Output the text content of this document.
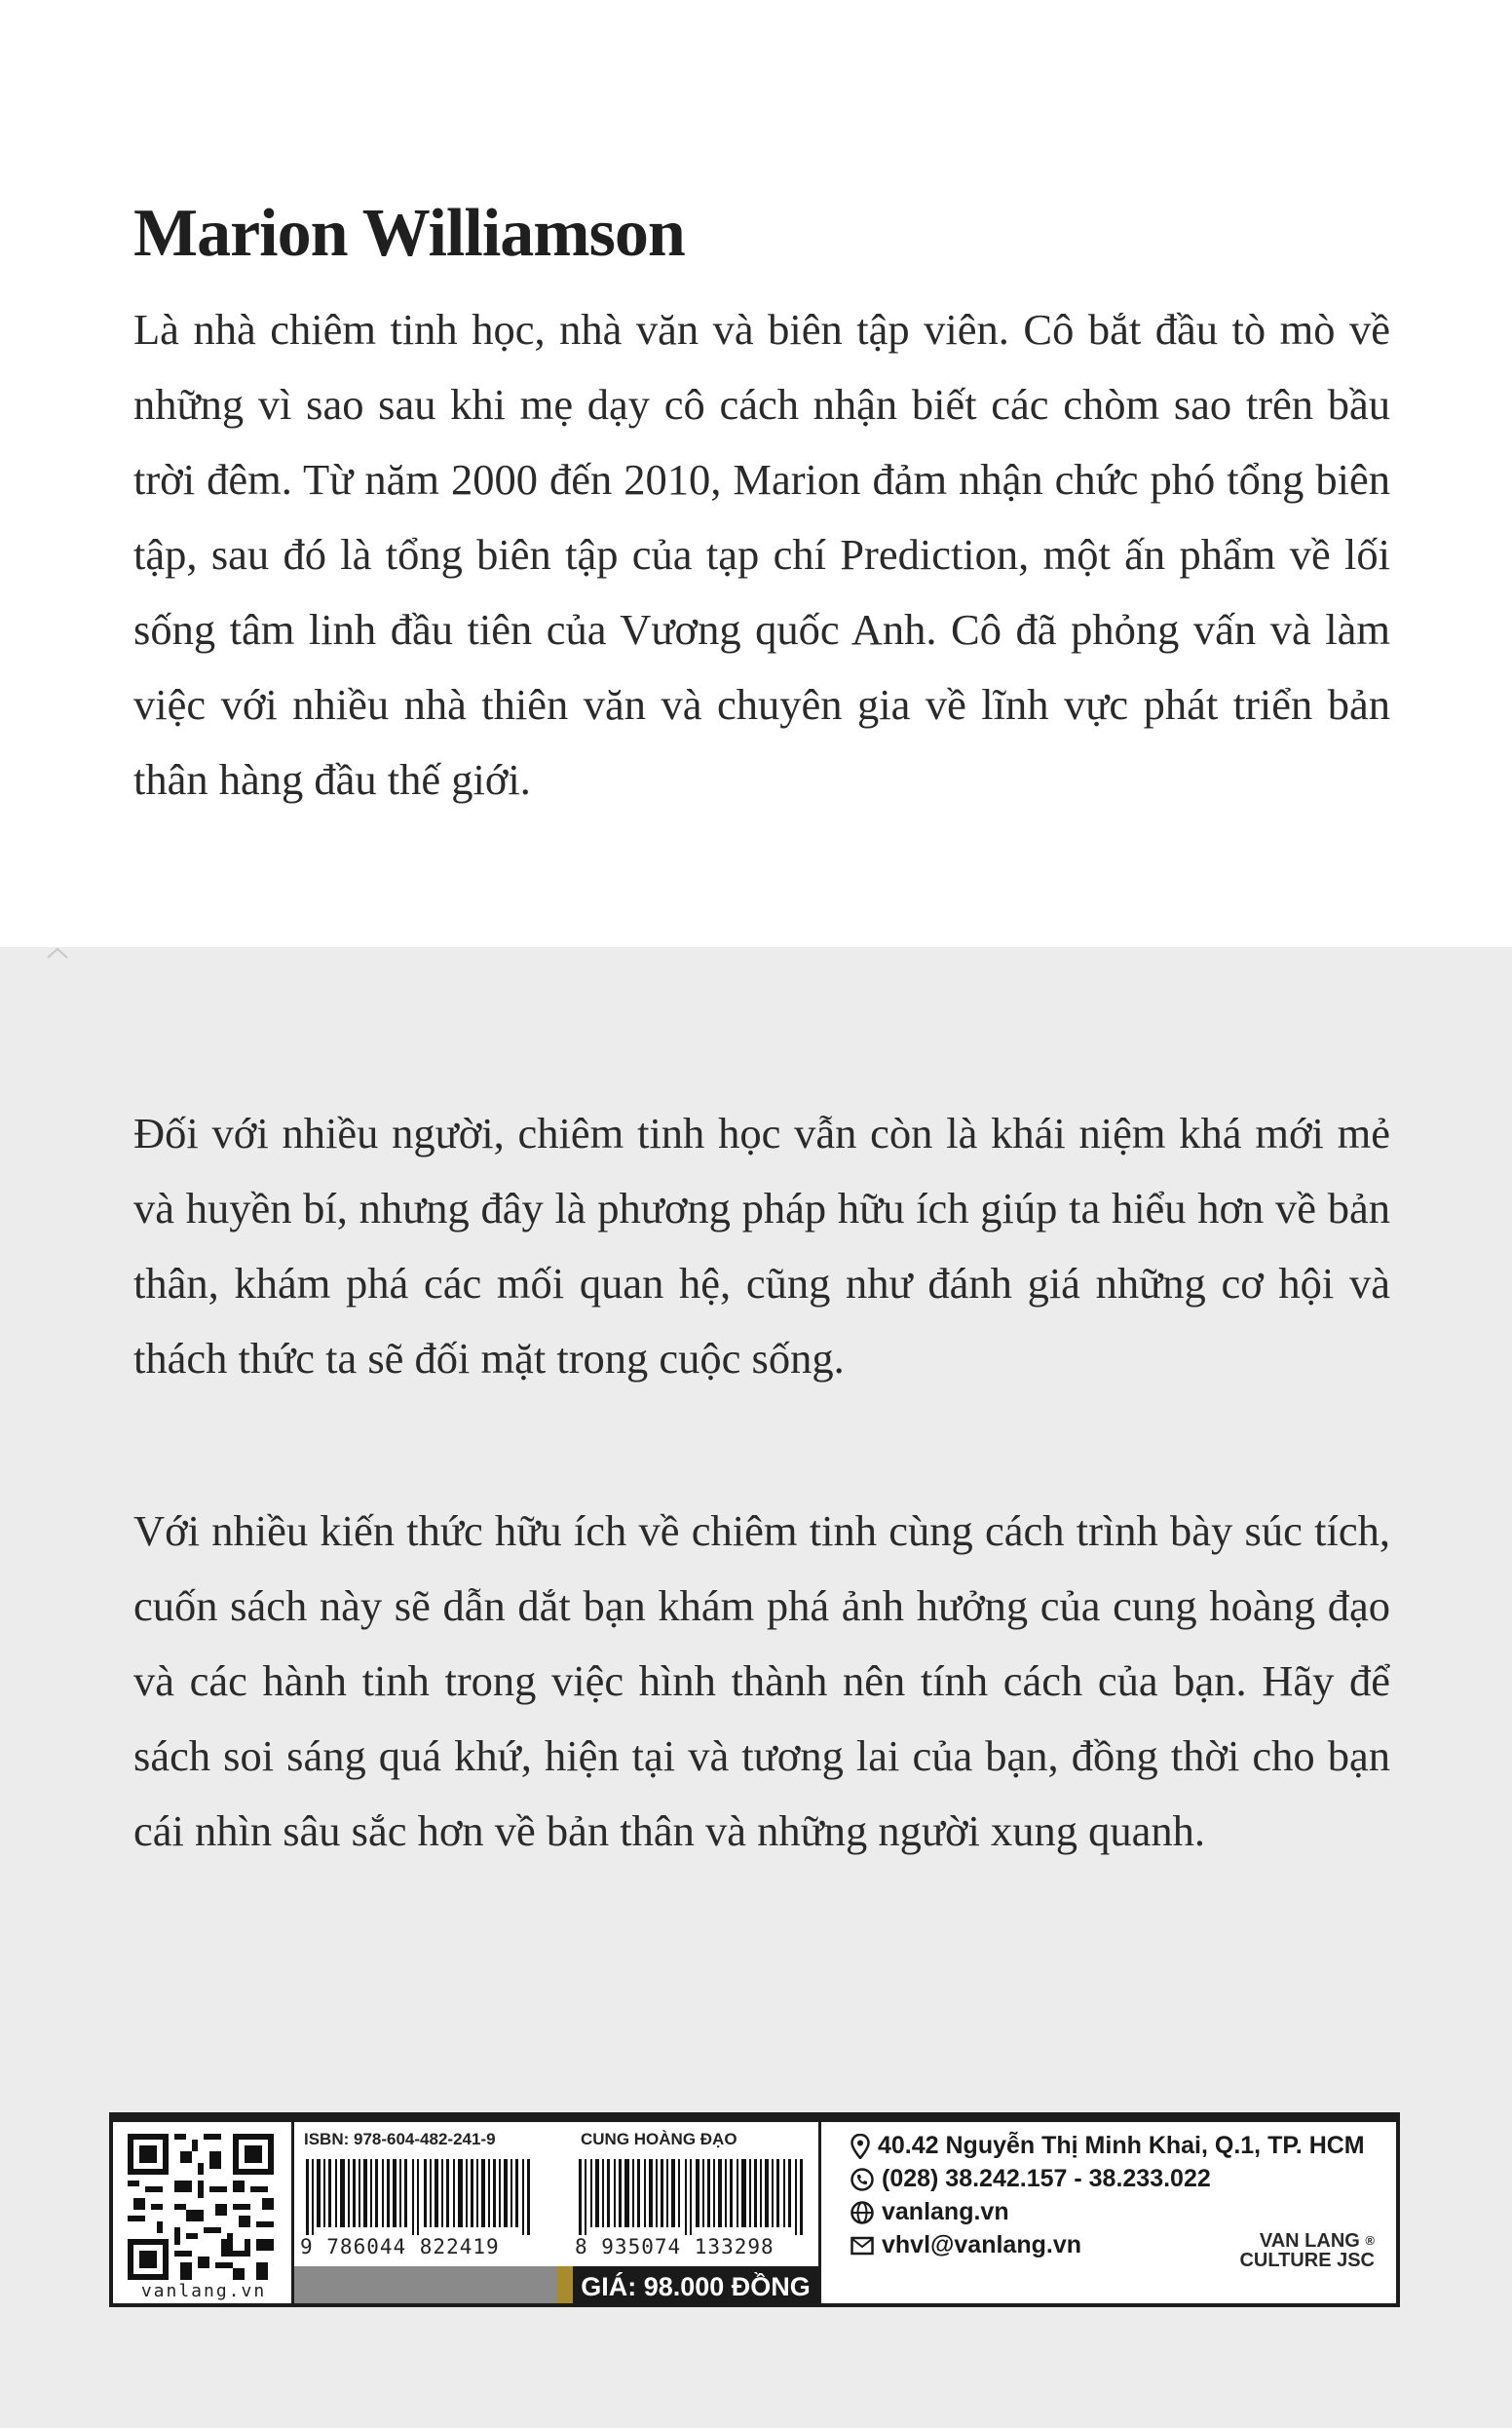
Marion Williamson

Là nhà chiêm tinh học, nhà văn và biên tập viên. Cô bắt đầu tò mò về những vì sao sau khi mẹ dạy cô cách nhận biết các chòm sao trên bầu trời đêm. Từ năm 2000 đến 2010, Marion đảm nhận chức phó tổng biên tập, sau đó là tổng biên tập của tạp chí Prediction, một ấn phẩm về lối sống tâm linh đầu tiên của Vương quốc Anh. Cô đã phỏng vấn và làm việc với nhiều nhà thiên văn và chuyên gia về lĩnh vực phát triển bản thân hàng đầu thế giới.

Đối với nhiều người, chiêm tinh học vẫn còn là khái niệm khá mới mẻ và huyền bí, nhưng đây là phương pháp hữu ích giúp ta hiểu hơn về bản thân, khám phá các mối quan hệ, cũng như đánh giá những cơ hội và thách thức ta sẽ đối mặt trong cuộc sống.

Với nhiều kiến thức hữu ích về chiêm tinh cùng cách trình bày súc tích, cuốn sách này sẽ dẫn dắt bạn khám phá ảnh hưởng của cung hoàng đạo và các hành tinh trong việc hình thành nên tính cách của bạn. Hãy để sách soi sáng quá khứ, hiện tại và tương lai của bạn, đồng thời cho bạn cái nhìn sâu sắc hơn về bản thân và những người xung quanh.

vanlang.vn
ISBN: 978-604-482-241-9
9 786044 822419
CUNG HOÀNG ĐẠO
8 935074 133298
GIÁ: 98.000 ĐỒNG
40.42 Nguyễn Thị Minh Khai, Q.1, TP. HCM
(028) 38.242.157 - 38.233.022
vanlang.vn
vhvl@vanlang.vn	VAN LANG ®
CULTURE JSC
